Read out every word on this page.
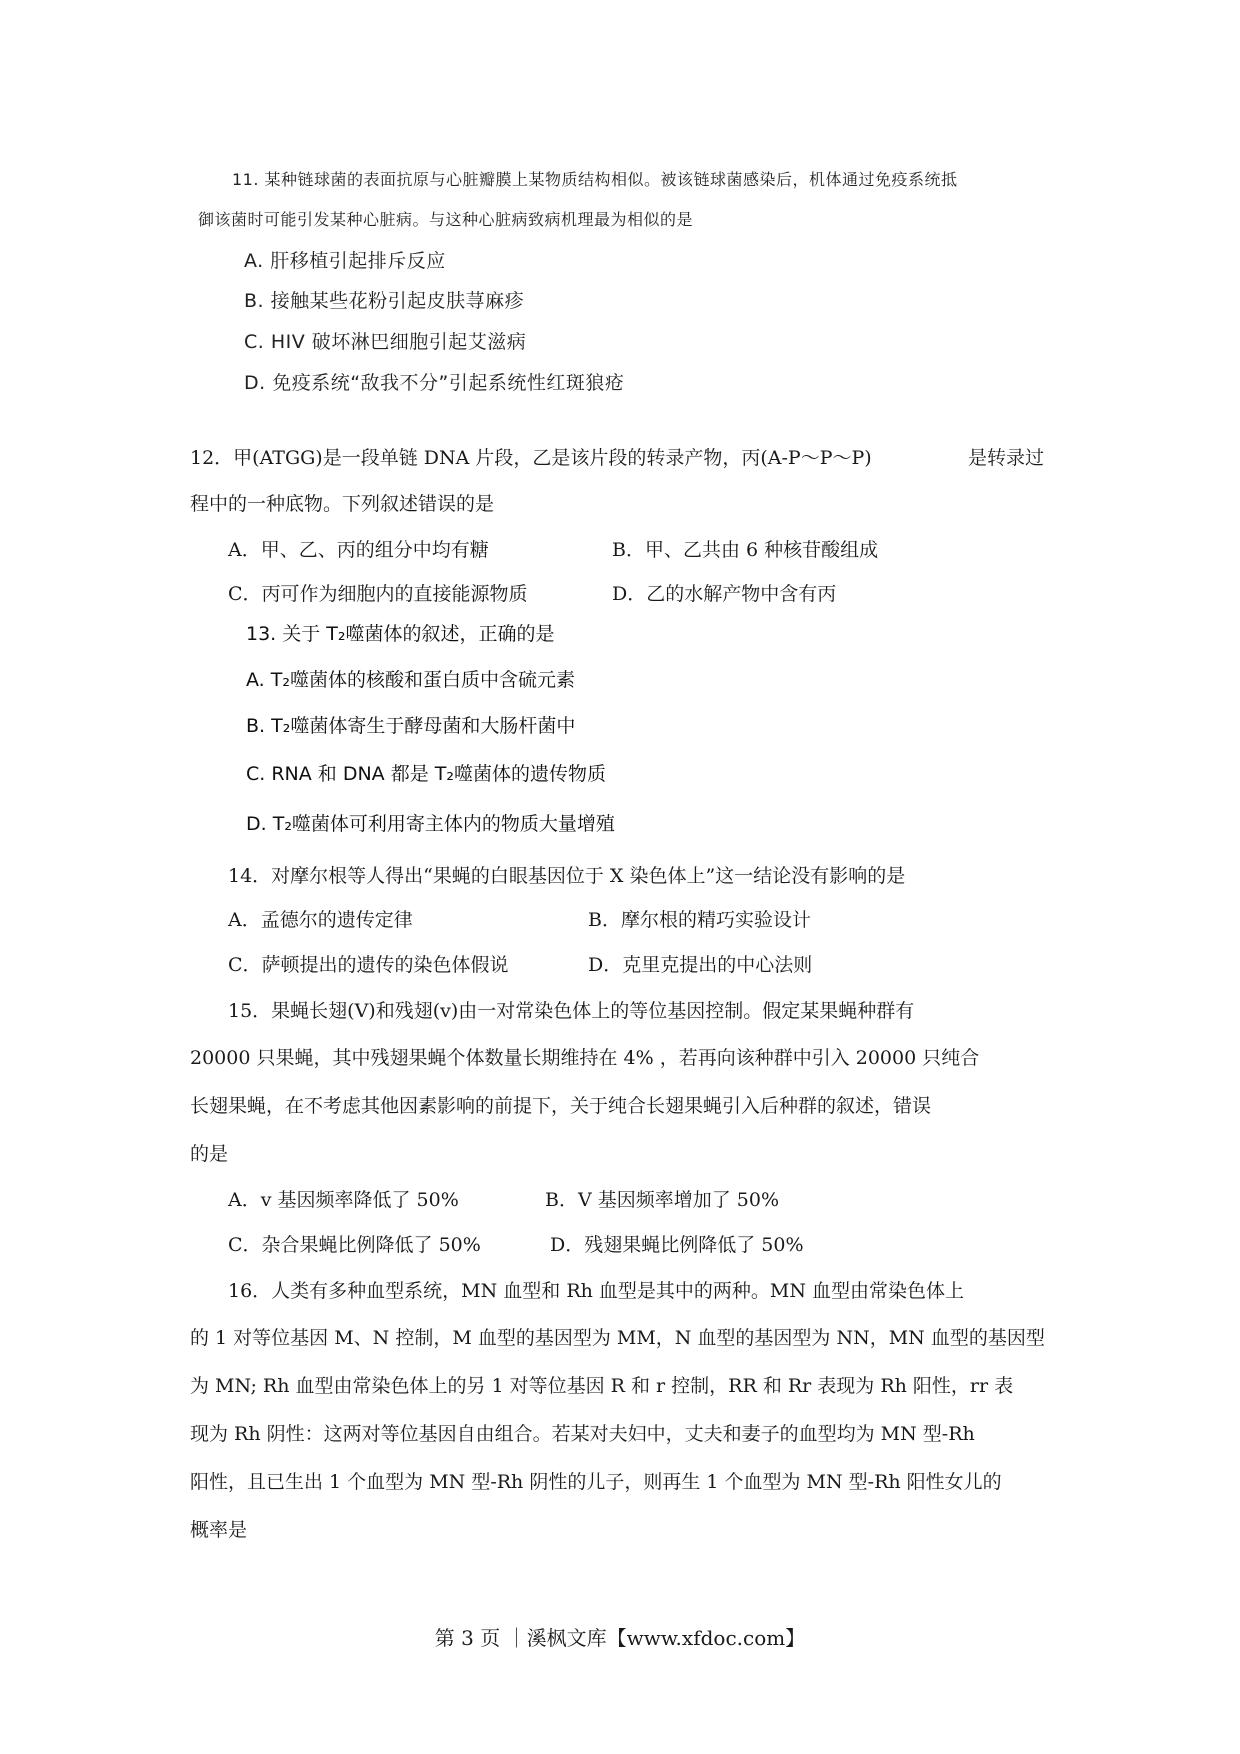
11. 某种链球菌的表面抗原与心脏瓣膜上某物质结构相似。被该链球菌感染后，机体通过免疫系统抵
御该菌时可能引发某种心脏病。与这种心脏病致病机理最为相似的是
A. 肝移植引起排斥反应
B. 接触某些花粉引起皮肤荨麻疹
C. HIV 破坏淋巴细胞引起艾滋病
D. 免疫系统“敌我不分”引起系统性红斑狼疮
12．甲(ATGG)是一段单链 DNA 片段，乙是该片段的转录产物，丙(A-P～P～P)	是转录过
程中的一种底物。下列叙述错误的是
A．甲、乙、丙的组分中均有糖	B．甲、乙共由 6 种核苷酸组成
C．丙可作为细胞内的直接能源物质	D．乙的水解产物中含有丙
13. 关于 T₂噬菌体的叙述，正确的是
A. T₂噬菌体的核酸和蛋白质中含硫元素
B. T₂噬菌体寄生于酵母菌和大肠杆菌中
C. RNA 和 DNA 都是 T₂噬菌体的遗传物质
D. T₂噬菌体可利用寄主体内的物质大量增殖
14．对摩尔根等人得出“果蝇的白眼基因位于 X 染色体上”这一结论没有影响的是
A．孟德尔的遗传定律	B．摩尔根的精巧实验设计
C．萨顿提出的遗传的染色体假说	D．克里克提出的中心法则
15．果蝇长翅(V)和残翅(v)由一对常染色体上的等位基因控制。假定某果蝇种群有
20000 只果蝇，其中残翅果蝇个体数量长期维持在 4% ，若再向该种群中引入 20000 只纯合
长翅果蝇，在不考虑其他因素影响的前提下，关于纯合长翅果蝇引入后种群的叙述，错误
的是
A．v 基因频率降低了 50%	B．V 基因频率增加了 50%
C．杂合果蝇比例降低了 50%	D．残翅果蝇比例降低了 50%
16．人类有多种血型系统，MN 血型和 Rh 血型是其中的两种。MN 血型由常染色体上
的 1 对等位基因 M、N 控制，M 血型的基因型为 MM，N 血型的基因型为 NN，MN 血型的基因型
为 MN; Rh 血型由常染色体上的另 1 对等位基因 R 和 r 控制，RR 和 Rr 表现为 Rh 阳性，rr 表
现为 Rh 阴性：这两对等位基因自由组合。若某对夫妇中，丈夫和妻子的血型均为 MN 型-Rh
阳性，且已生出 1 个血型为 MN 型-Rh 阴性的儿子，则再生 1 个血型为 MN 型-Rh 阳性女儿的
概率是
第 3 页 ｜溪枫文库【www.xfdoc.com】
